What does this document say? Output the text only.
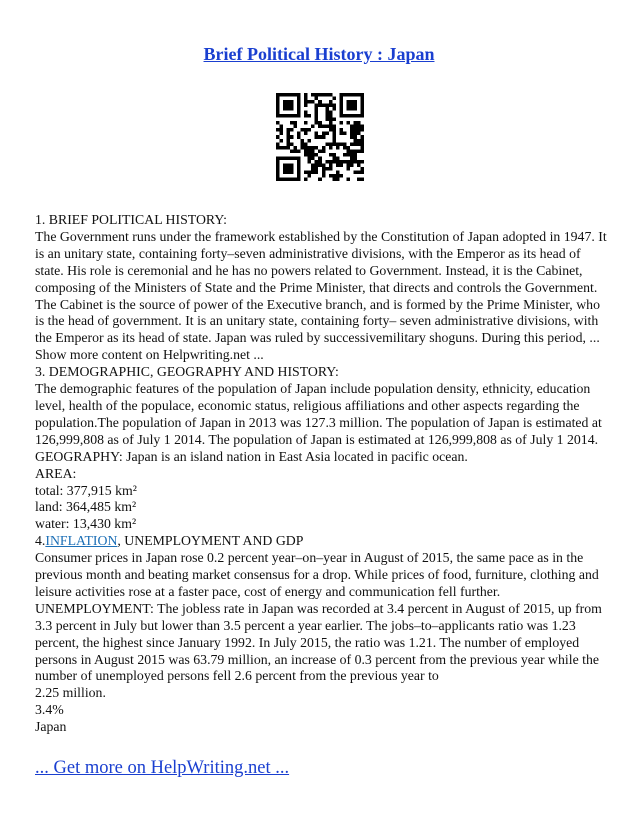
Brief Political History : Japan

1. BRIEF POLITICAL HISTORY:

The Government runs under the framework established by the Constitution of Japan adopted in 1947. It is an unitary state, containing forty–seven administrative divisions, with the Emperor as its head of state. His role is ceremonial and he has no powers related to Government. Instead, it is the Cabinet, composing of the Ministers of State and the Prime Minister, that directs and controls the Government. The Cabinet is the source of power of the Executive branch, and is formed by the Prime Minister, who is the head of government. It is an unitary state, containing forty– seven administrative divisions, with the Emperor as its head of state. Japan was ruled by successivemilitary shoguns. During this period, ... Show more content on Helpwriting.net ...

3. DEMOGRAPHIC, GEOGRAPHY AND HISTORY:

The demographic features of the population of Japan include population density, ethnicity, education level, health of the populace, economic status, religious affiliations and other aspects regarding the population.The population of Japan in 2013 was 127.3 million. The population of Japan is estimated at 126,999,808 as of July 1 2014. The population of Japan is estimated at 126,999,808 as of July 1 2014.

GEOGRAPHY: Japan is an island nation in East Asia located in pacific ocean.

AREA:

total: 377,915 km²

land: 364,485 km²

water: 13,430 km²

4.INFLATION, UNEMPLOYMENT AND GDP

Consumer prices in Japan rose 0.2 percent year–on–year in August of 2015, the same pace as in the previous month and beating market consensus for a drop. While prices of food, furniture, clothing and leisure activities rose at a faster pace, cost of energy and communication fell further.

UNEMPLOYMENT: The jobless rate in Japan was recorded at 3.4 percent in August of 2015, up from 3.3 percent in July but lower than 3.5 percent a year earlier. The jobs–to–applicants ratio was 1.23 percent, the highest since January 1992. In July 2015, the ratio was 1.21. The number of employed persons in August 2015 was 63.79 million, an increase of 0.3 percent from the previous year while the number of unemployed persons fell 2.6 percent from the previous year to

2.25 million.

3.4%

Japan

... Get more on HelpWriting.net ...
